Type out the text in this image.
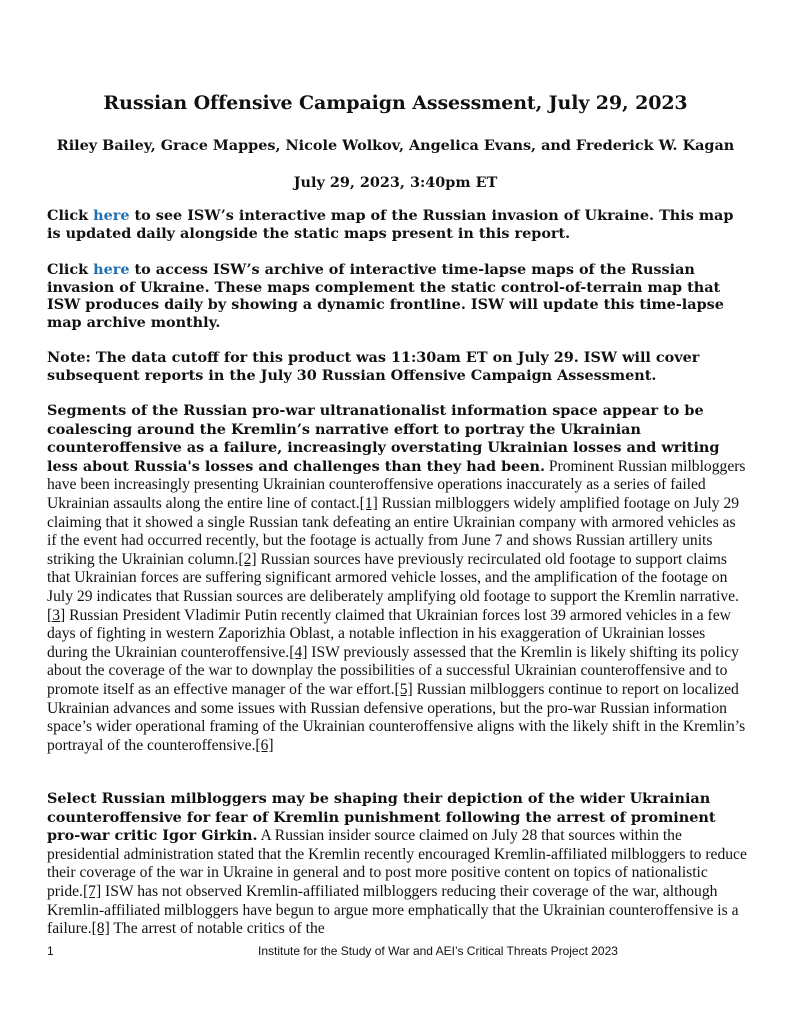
Russian Offensive Campaign Assessment, July 29, 2023
Riley Bailey, Grace Mappes, Nicole Wolkov, Angelica Evans, and Frederick W. Kagan
July 29, 2023, 3:40pm ET
Click here to see ISW’s interactive map of the Russian invasion of Ukraine. This map is updated daily alongside the static maps present in this report.
Click here to access ISW’s archive of interactive time-lapse maps of the Russian invasion of Ukraine. These maps complement the static control-of-terrain map that ISW produces daily by showing a dynamic frontline. ISW will update this time-lapse map archive monthly.
Note: The data cutoff for this product was 11:30am ET on July 29. ISW will cover subsequent reports in the July 30 Russian Offensive Campaign Assessment.
Segments of the Russian pro-war ultranationalist information space appear to be coalescing around the Kremlin’s narrative effort to portray the Ukrainian counteroffensive as a failure, increasingly overstating Ukrainian losses and writing less about Russia's losses and challenges than they had been. Prominent Russian milbloggers have been increasingly presenting Ukrainian counteroffensive operations inaccurately as a series of failed Ukrainian assaults along the entire line of contact.[1] Russian milbloggers widely amplified footage on July 29 claiming that it showed a single Russian tank defeating an entire Ukrainian company with armored vehicles as if the event had occurred recently, but the footage is actually from June 7 and shows Russian artillery units striking the Ukrainian column.[2] Russian sources have previously recirculated old footage to support claims that Ukrainian forces are suffering significant armored vehicle losses, and the amplification of the footage on July 29 indicates that Russian sources are deliberately amplifying old footage to support the Kremlin narrative.[3] Russian President Vladimir Putin recently claimed that Ukrainian forces lost 39 armored vehicles in a few days of fighting in western Zaporizhia Oblast, a notable inflection in his exaggeration of Ukrainian losses during the Ukrainian counteroffensive.[4] ISW previously assessed that the Kremlin is likely shifting its policy about the coverage of the war to downplay the possibilities of a successful Ukrainian counteroffensive and to promote itself as an effective manager of the war effort.[5] Russian milbloggers continue to report on localized Ukrainian advances and some issues with Russian defensive operations, but the pro-war Russian information space’s wider operational framing of the Ukrainian counteroffensive aligns with the likely shift in the Kremlin’s portrayal of the counteroffensive.[6]
Select Russian milbloggers may be shaping their depiction of the wider Ukrainian counteroffensive for fear of Kremlin punishment following the arrest of prominent pro-war critic Igor Girkin. A Russian insider source claimed on July 28 that sources within the presidential administration stated that the Kremlin recently encouraged Kremlin-affiliated milbloggers to reduce their coverage of the war in Ukraine in general and to post more positive content on topics of nationalistic pride.[7] ISW has not observed Kremlin-affiliated milbloggers reducing their coverage of the war, although Kremlin-affiliated milbloggers have begun to argue more emphatically that the Ukrainian counteroffensive is a failure.[8] The arrest of notable critics of the
1	Institute for the Study of War and AEI’s Critical Threats Project 2023
